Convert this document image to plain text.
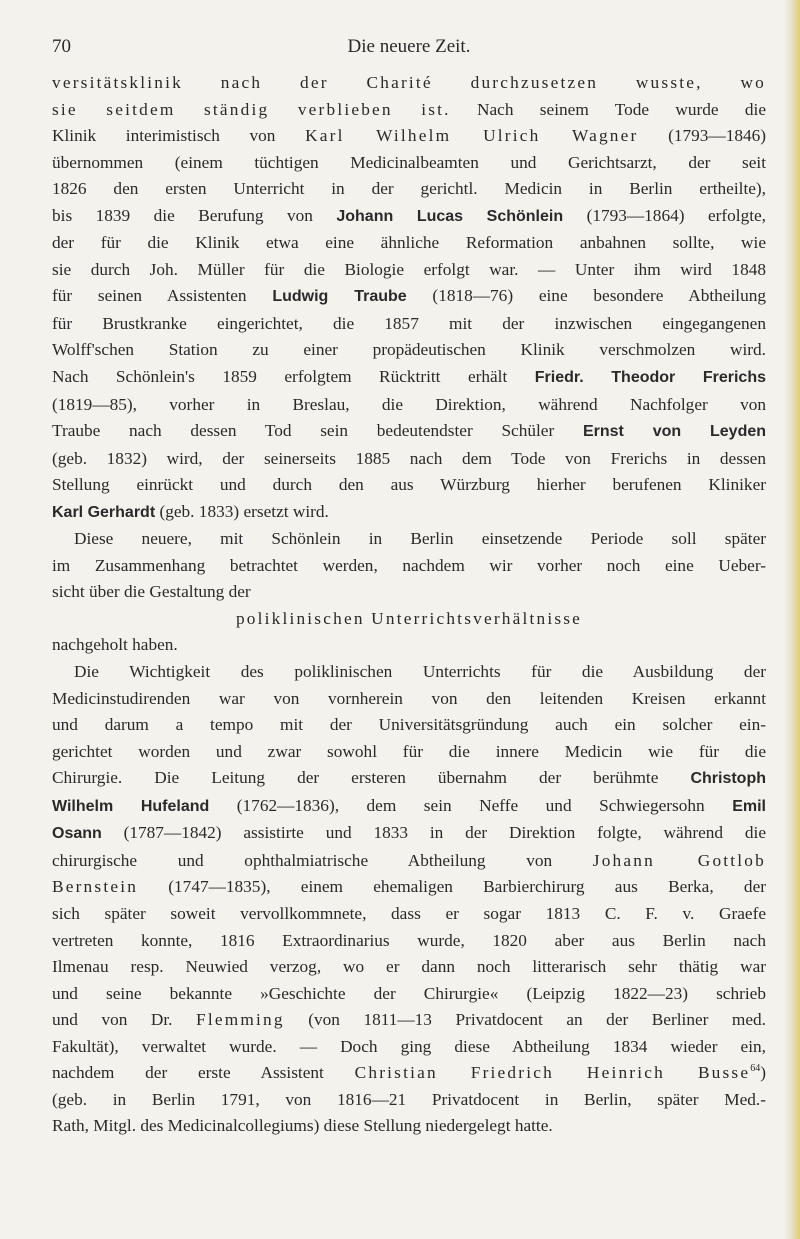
70	Die neuere Zeit.
versitätsklinik nach der Charité durchzusetzen wusste, wo
sie seitdem ständig verblieben ist. Nach seinem Tode wurde die
Klinik interimistisch von Karl Wilhelm Ulrich Wagner (1793—1846)
übernommen (einem tüchtigen Medicinalbeamten und Gerichtsarzt, der seit
1826 den ersten Unterricht in der gerichtl. Medicin in Berlin ertheilte),
bis 1839 die Berufung von Johann Lucas Schönlein (1793—1864) erfolgte,
der für die Klinik etwa eine ähnliche Reformation anbahnen sollte, wie
sie durch Joh. Müller für die Biologie erfolgt war. — Unter ihm wird 1848
für seinen Assistenten Ludwig Traube (1818—76) eine besondere Abtheilung
für Brustkranke eingerichtet, die 1857 mit der inzwischen eingegangenen
Wolff'schen Station zu einer propädeutischen Klinik verschmolzen wird.
Nach Schönlein's 1859 erfolgtem Rücktritt erhält Friedr. Theodor Frerichs
(1819—85), vorher in Breslau, die Direktion, während Nachfolger von
Traube nach dessen Tod sein bedeutendster Schüler Ernst von Leyden
(geb. 1832) wird, der seinerseits 1885 nach dem Tode von Frerichs in dessen
Stellung einrückt und durch den aus Würzburg hierher berufenen Kliniker
Karl Gerhardt (geb. 1833) ersetzt wird.
Diese neuere, mit Schönlein in Berlin einsetzende Periode soll später
im Zusammenhang betrachtet werden, nachdem wir vorher noch eine Ueber-
sicht über die Gestaltung der
poliklinischen Unterrichtsverhältnisse
nachgeholt haben.
Die Wichtigkeit des poliklinischen Unterrichts für die Ausbildung der
Medicinstudirenden war von vornherein von den leitenden Kreisen erkannt
und darum a tempo mit der Universitätsgründung auch ein solcher ein-
gerichtet worden und zwar sowohl für die innere Medicin wie für die
Chirurgie. Die Leitung der ersteren übernahm der berühmte Christoph
Wilhelm Hufeland (1762—1836), dem sein Neffe und Schwiegersohn Emil
Osann (1787—1842) assistirte und 1833 in der Direktion folgte, während die
chirurgische und ophthalmiatrische Abtheilung von Johann Gottlob
Bernstein (1747—1835), einem ehemaligen Barbierchirurg aus Berka, der
sich später soweit vervollkommnete, dass er sogar 1813 C. F. v. Graefe
vertreten konnte, 1816 Extraordinarius wurde, 1820 aber aus Berlin nach
Ilmenau resp. Neuwied verzog, wo er dann noch litterarisch sehr thätig war
und seine bekannte »Geschichte der Chirurgie« (Leipzig 1822—23) schrieb
und von Dr. Flemming (von 1811—13 Privatdocent an der Berliner med.
Fakultät), verwaltet wurde. — Doch ging diese Abtheilung 1834 wieder ein,
nachdem der erste Assistent Christian Friedrich Heinrich Busse$^{64}$)
(geb. in Berlin 1791, von 1816—21 Privatdocent in Berlin, später Med.-
Rath, Mitgl. des Medicinalcollegiums) diese Stellung niedergelegt hatte.
